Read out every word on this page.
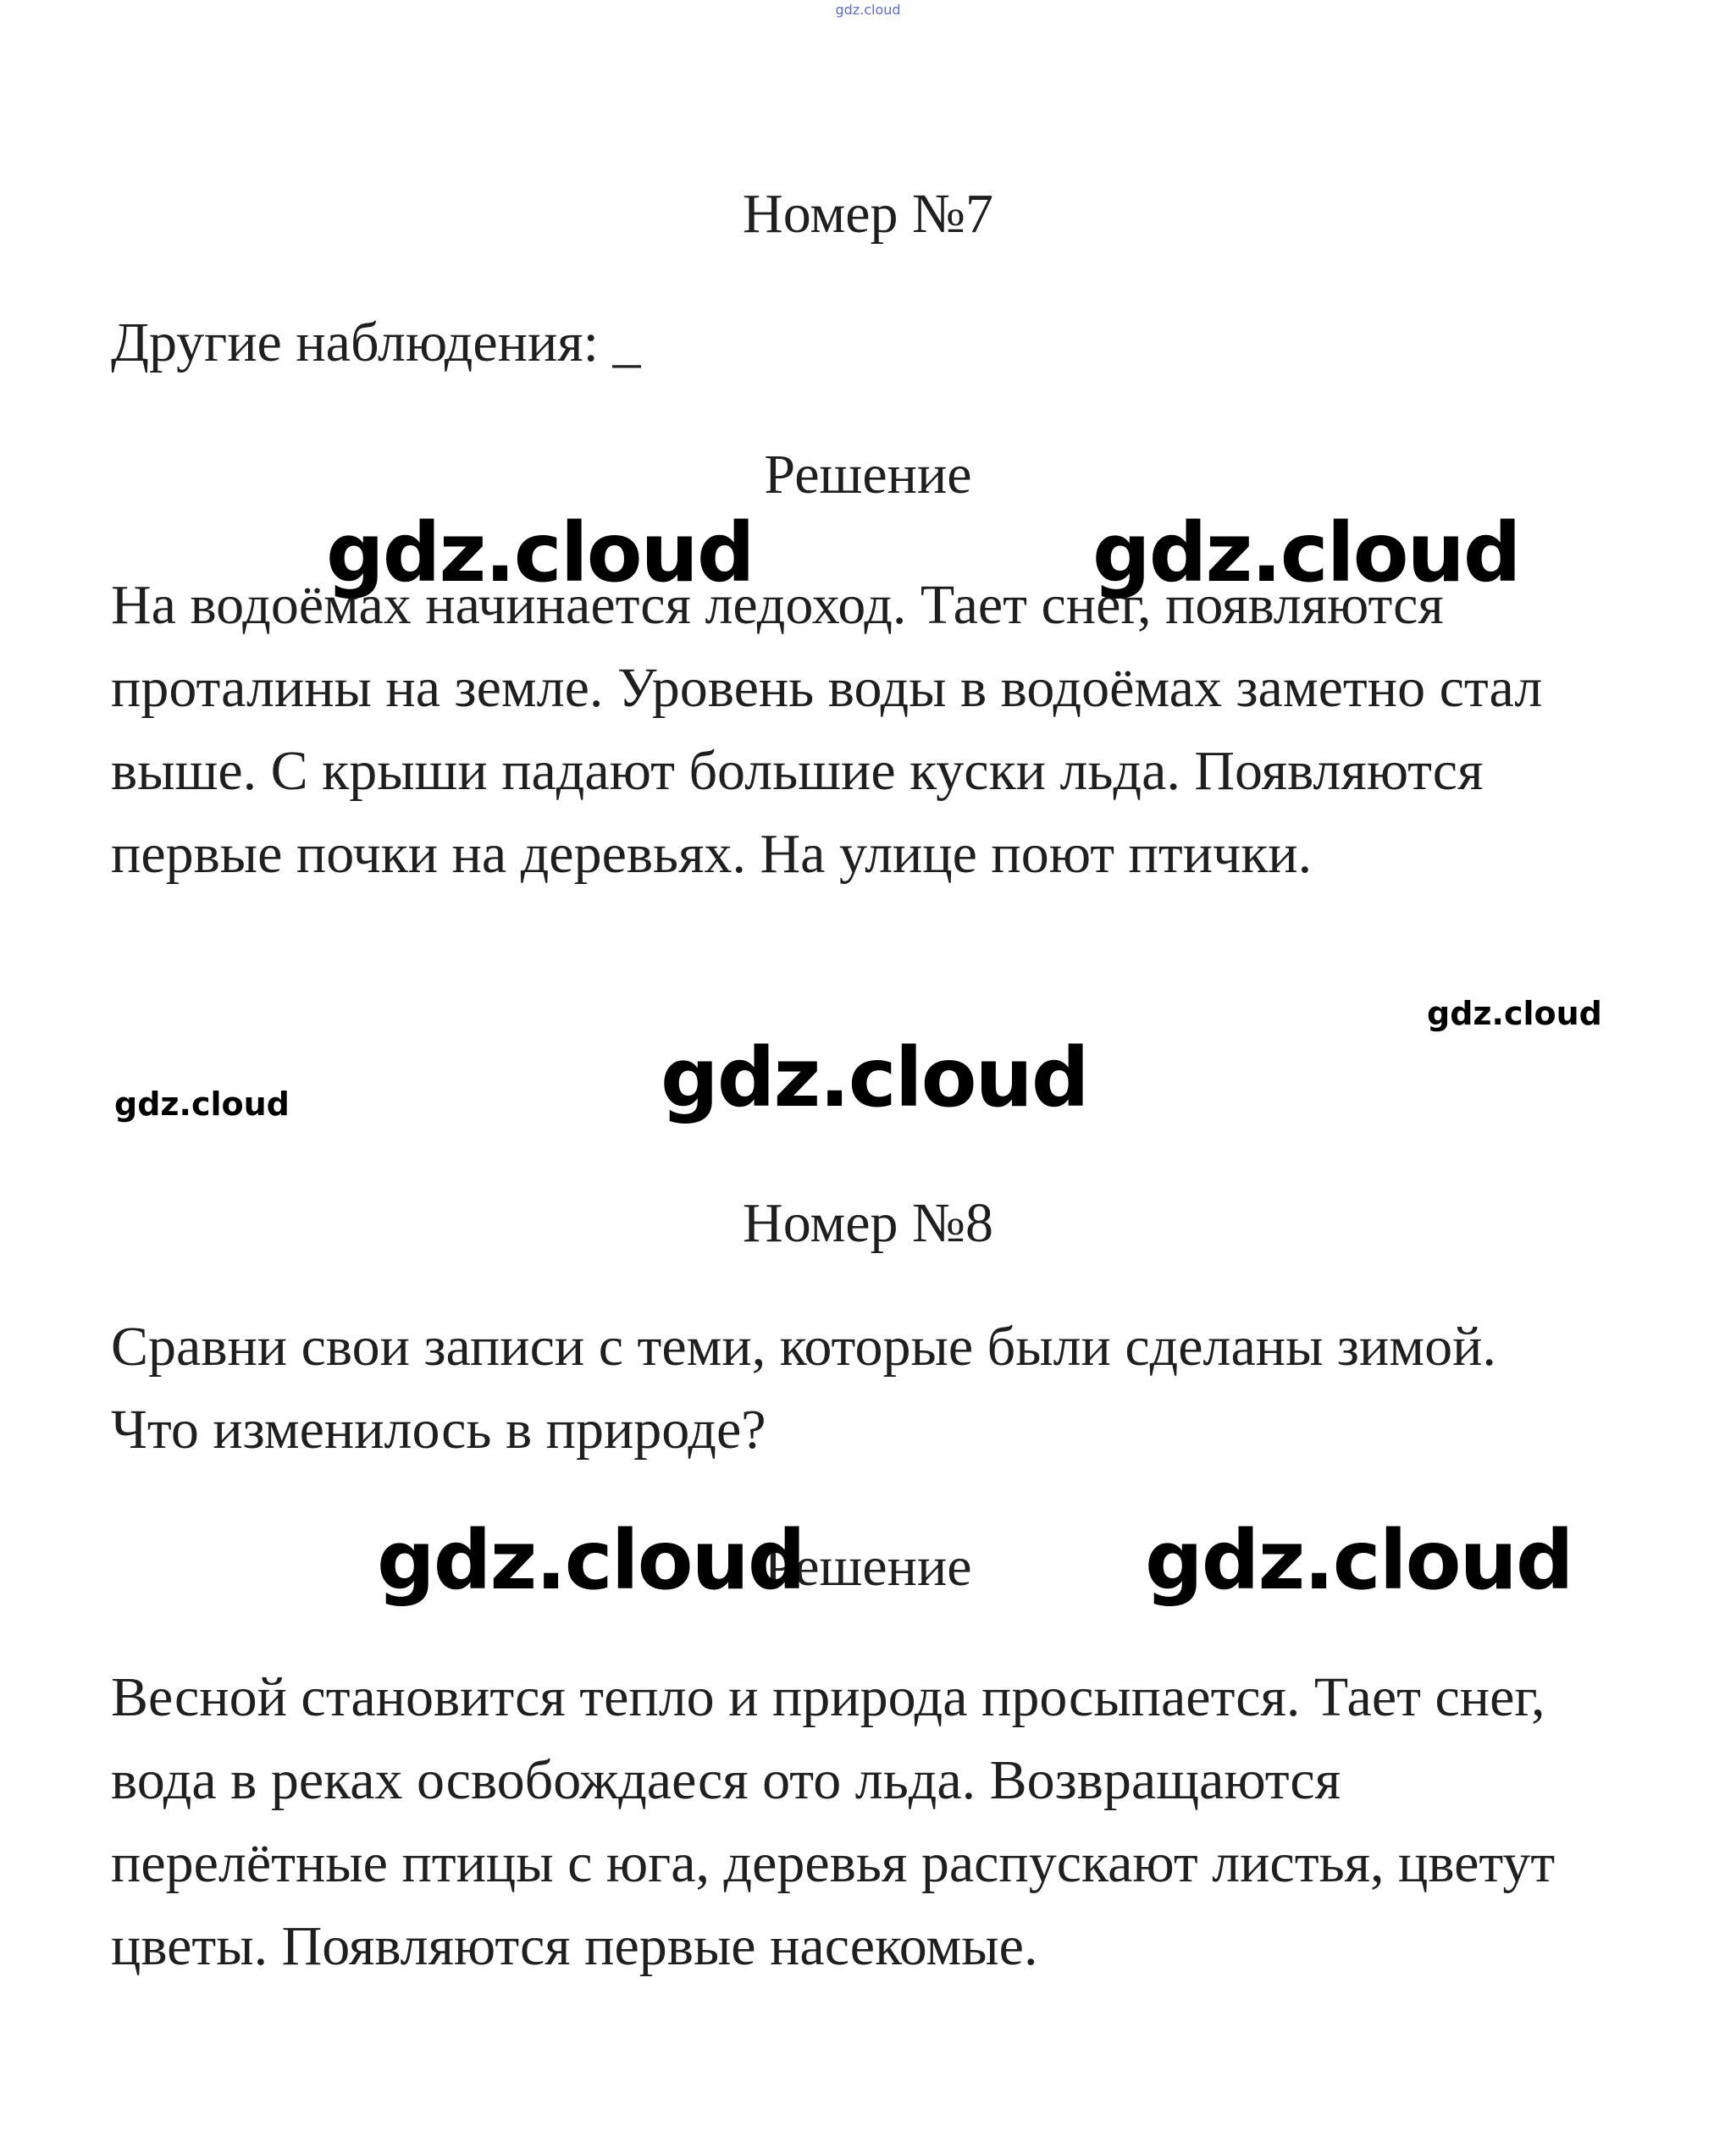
gdz.cloud
Номер №7
Другие наблюдения: _
Решение
На водоёмах начинается ледоход. Тает снег, появляются
проталины на земле. Уровень воды в водоёмах заметно стал
выше. С крыши падают большие куски льда. Появляются
первые почки на деревьях. На улице поют птички.
Номер №8
Сравни свои записи с теми, которые были сделаны зимой.
Что изменилось в природе?
Решение
Весной становится тепло и природа просыпается. Тает снег,
вода в реках освобождаеся ото льда. Возвращаются
перелётные птицы с юга, деревья распускают листья, цветут
цветы. Появляются первые насекомые.
gdz.cloud	gdz.cloud
gdz.cloud
gdz.cloud
gdz.cloud
gdz.cloud	gdz.cloud
